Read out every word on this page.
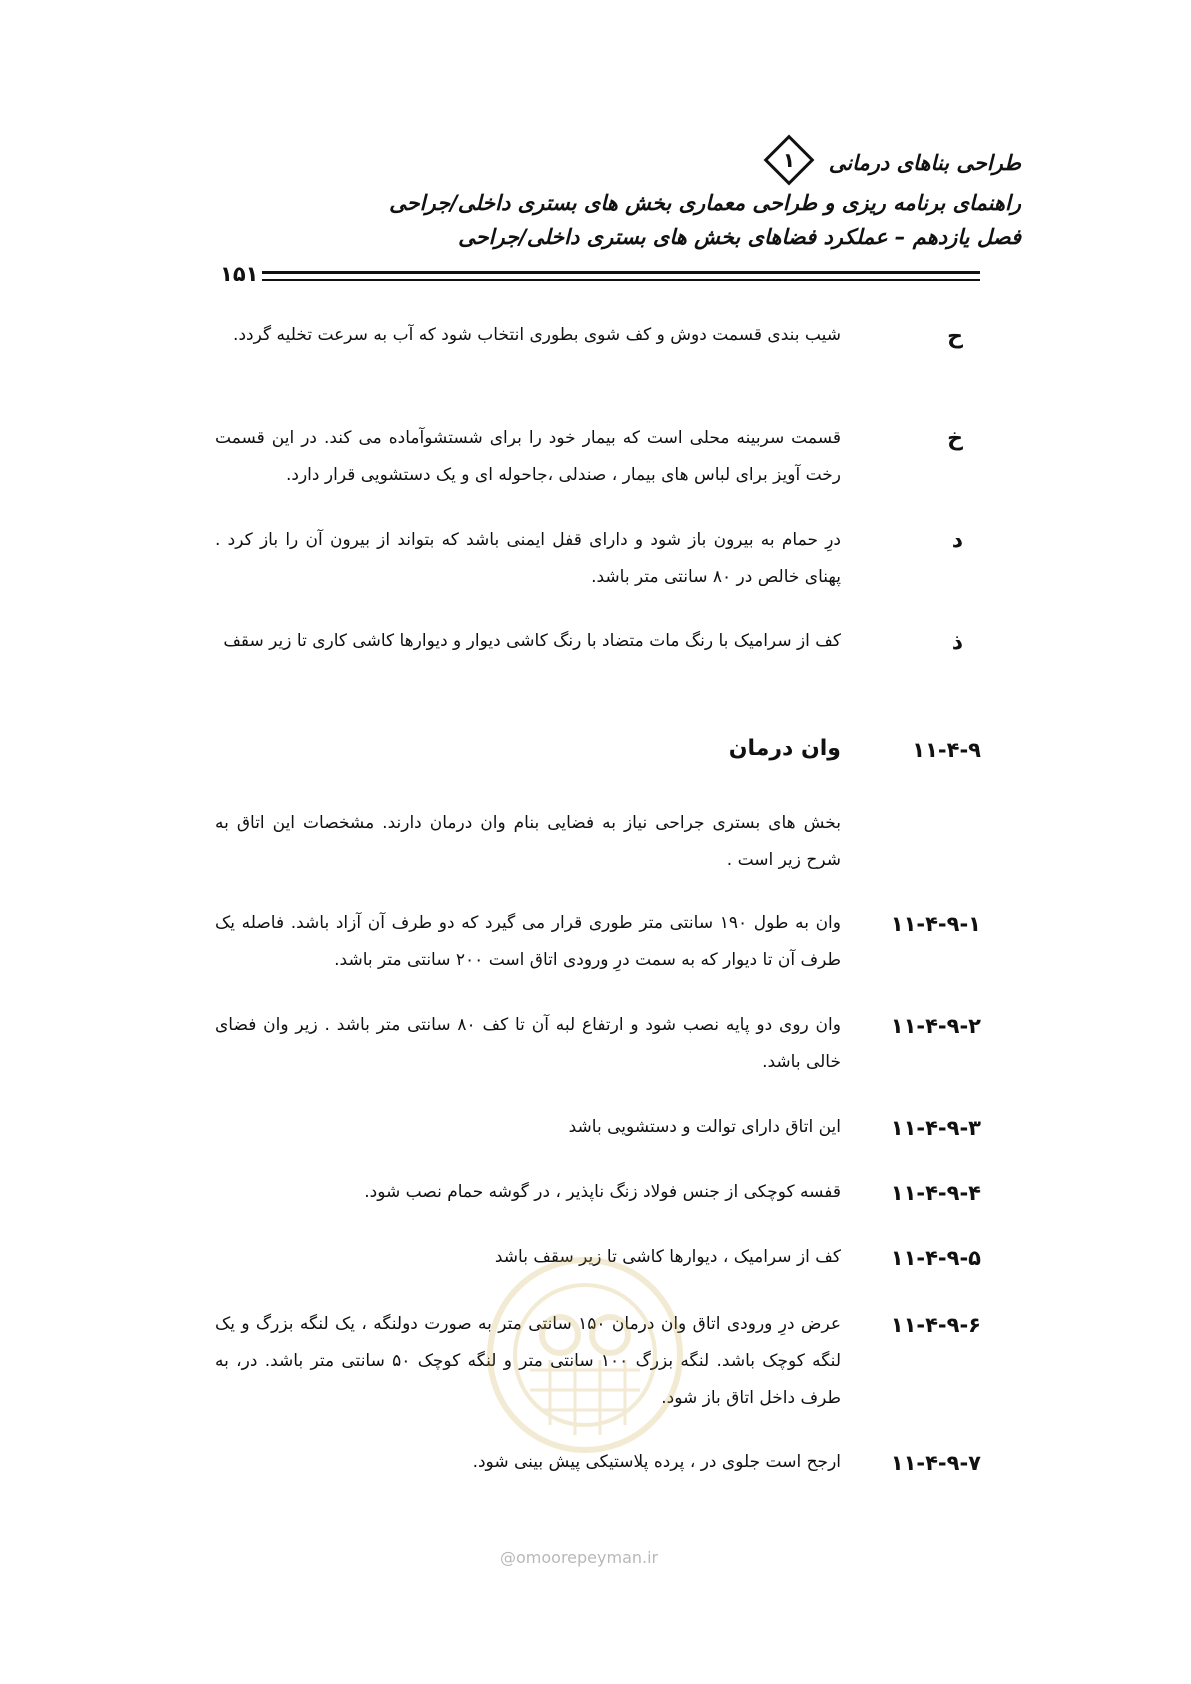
طراحی بناهای درمانی
۱
راهنمای برنامه ریزی و طراحی معماری بخش های بستری داخلی/جراحی
فصل یازدهم – عملکرد فضاهای بخش های بستری داخلی/جراحی
۱۵۱
ح
شیب بندی قسمت دوش و کف شوی بطوری انتخاب شود که آب به سرعت تخلیه گردد.
خ
قسمت سربینه محلی است که بیمار خود را برای شستشوآماده می کند. در این قسمت رخت آویز برای لباس های بیمار ، صندلی ،جاحوله ای و یک دستشویی قرار دارد.
د
درِ حمام به بیرون باز شود و دارای قفل ایمنی باشد که بتواند از بیرون آن را باز کرد . پهنای خالص در ۸۰ سانتی متر باشد.
ذ
کف از سرامیک با رنگ مات متضاد با رنگ کاشی دیوار و دیوارها کاشی کاری تا زیر سقف
۱۱-۴-۹
وان درمان
بخش های بستری جراحی نیاز به فضایی بنام وان درمان دارند. مشخصات این اتاق به شرح زیر است .
۱۱-۴-۹-۱
وان به طول ۱۹۰ سانتی متر طوری قرار می گیرد که دو طرف آن آزاد باشد. فاصله یک طرف آن تا دیوار که به سمت درِ ورودی اتاق است ۲۰۰ سانتی متر باشد.
۱۱-۴-۹-۲
وان روی دو پایه نصب شود و ارتفاع لبه آن تا کف ۸۰ سانتی متر باشد . زیر وان فضای خالی باشد.
۱۱-۴-۹-۳
این اتاق دارای توالت و دستشویی باشد
۱۱-۴-۹-۴
قفسه کوچکی از جنس فولاد زنگ ناپذیر ، در گوشه حمام نصب شود.
۱۱-۴-۹-۵
کف از سرامیک ، دیوارها کاشی تا زیر سقف باشد
۱۱-۴-۹-۶
عرض درِ ورودی اتاق وان درمان ۱۵۰ سانتی متر به صورت دولنگه ، یک لنگه بزرگ و یک لنگه کوچک باشد. لنگه بزرگ ۱۰۰ سانتی متر و لنگه کوچک ۵۰ سانتی متر باشد. در، به طرف داخل اتاق باز شود.
۱۱-۴-۹-۷
ارجح است جلوی در ، پرده پلاستیکی پیش بینی شود.
@omoorepeyman.ir
